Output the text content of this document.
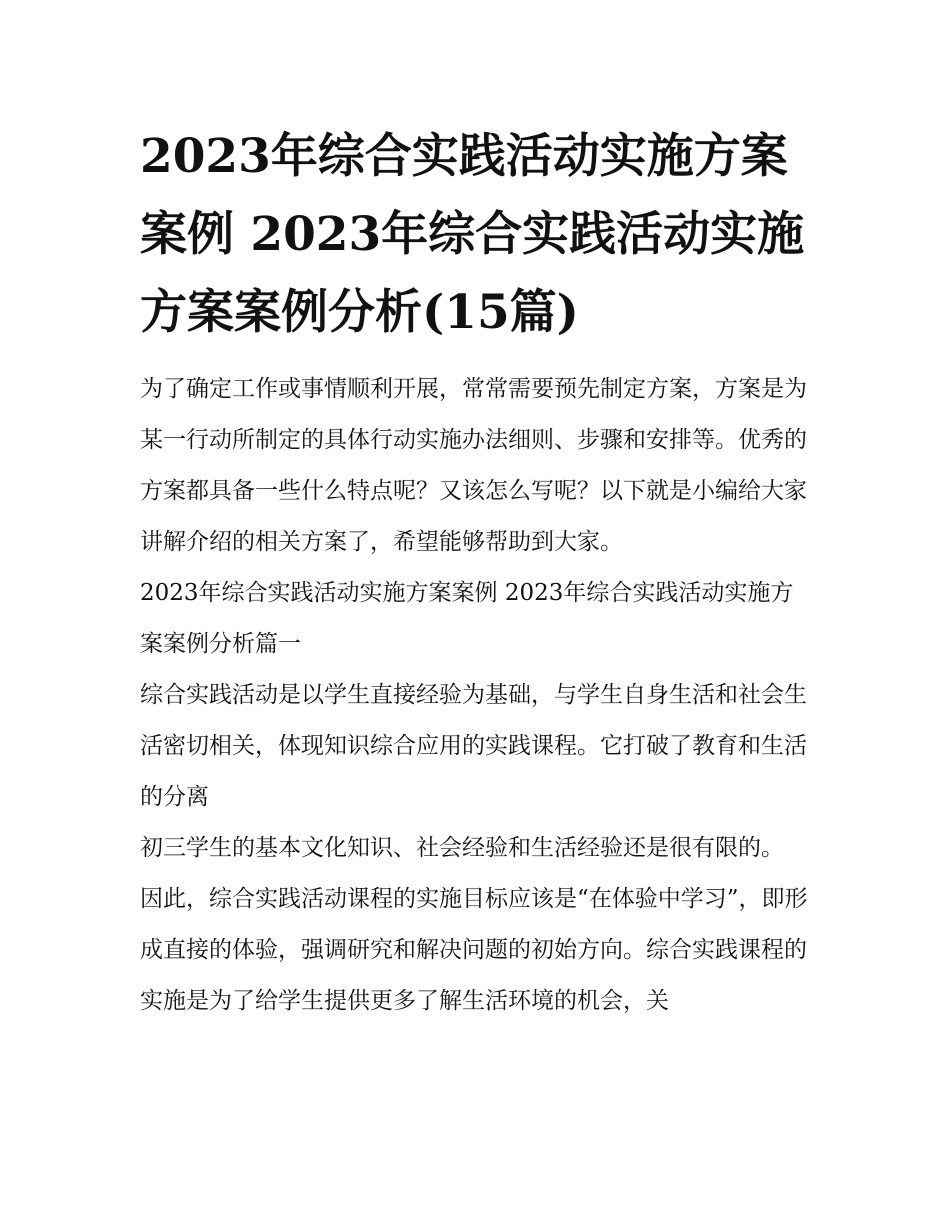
2023年综合实践活动实施方案案例 2023年综合实践活动实施方案案例分析(15篇)

为了确定工作或事情顺利开展，常常需要预先制定方案，方案是为某一行动所制定的具体行动实施办法细则、步骤和安排等。优秀的方案都具备一些什么特点呢？又该怎么写呢？以下就是小编给大家讲解介绍的相关方案了，希望能够帮助到大家。

2023年综合实践活动实施方案案例 2023年综合实践活动实施方案案例分析篇一

综合实践活动是以学生直接经验为基础，与学生自身生活和社会生活密切相关，体现知识综合应用的实践课程。它打破了教育和生活的分离

初三学生的基本文化知识、社会经验和生活经验还是很有限的。

因此，综合实践活动课程的实施目标应该是“在体验中学习”，即形成直接的体验，强调研究和解决问题的初始方向。综合实践课程的实施是为了给学生提供更多了解生活环境的机会，关
